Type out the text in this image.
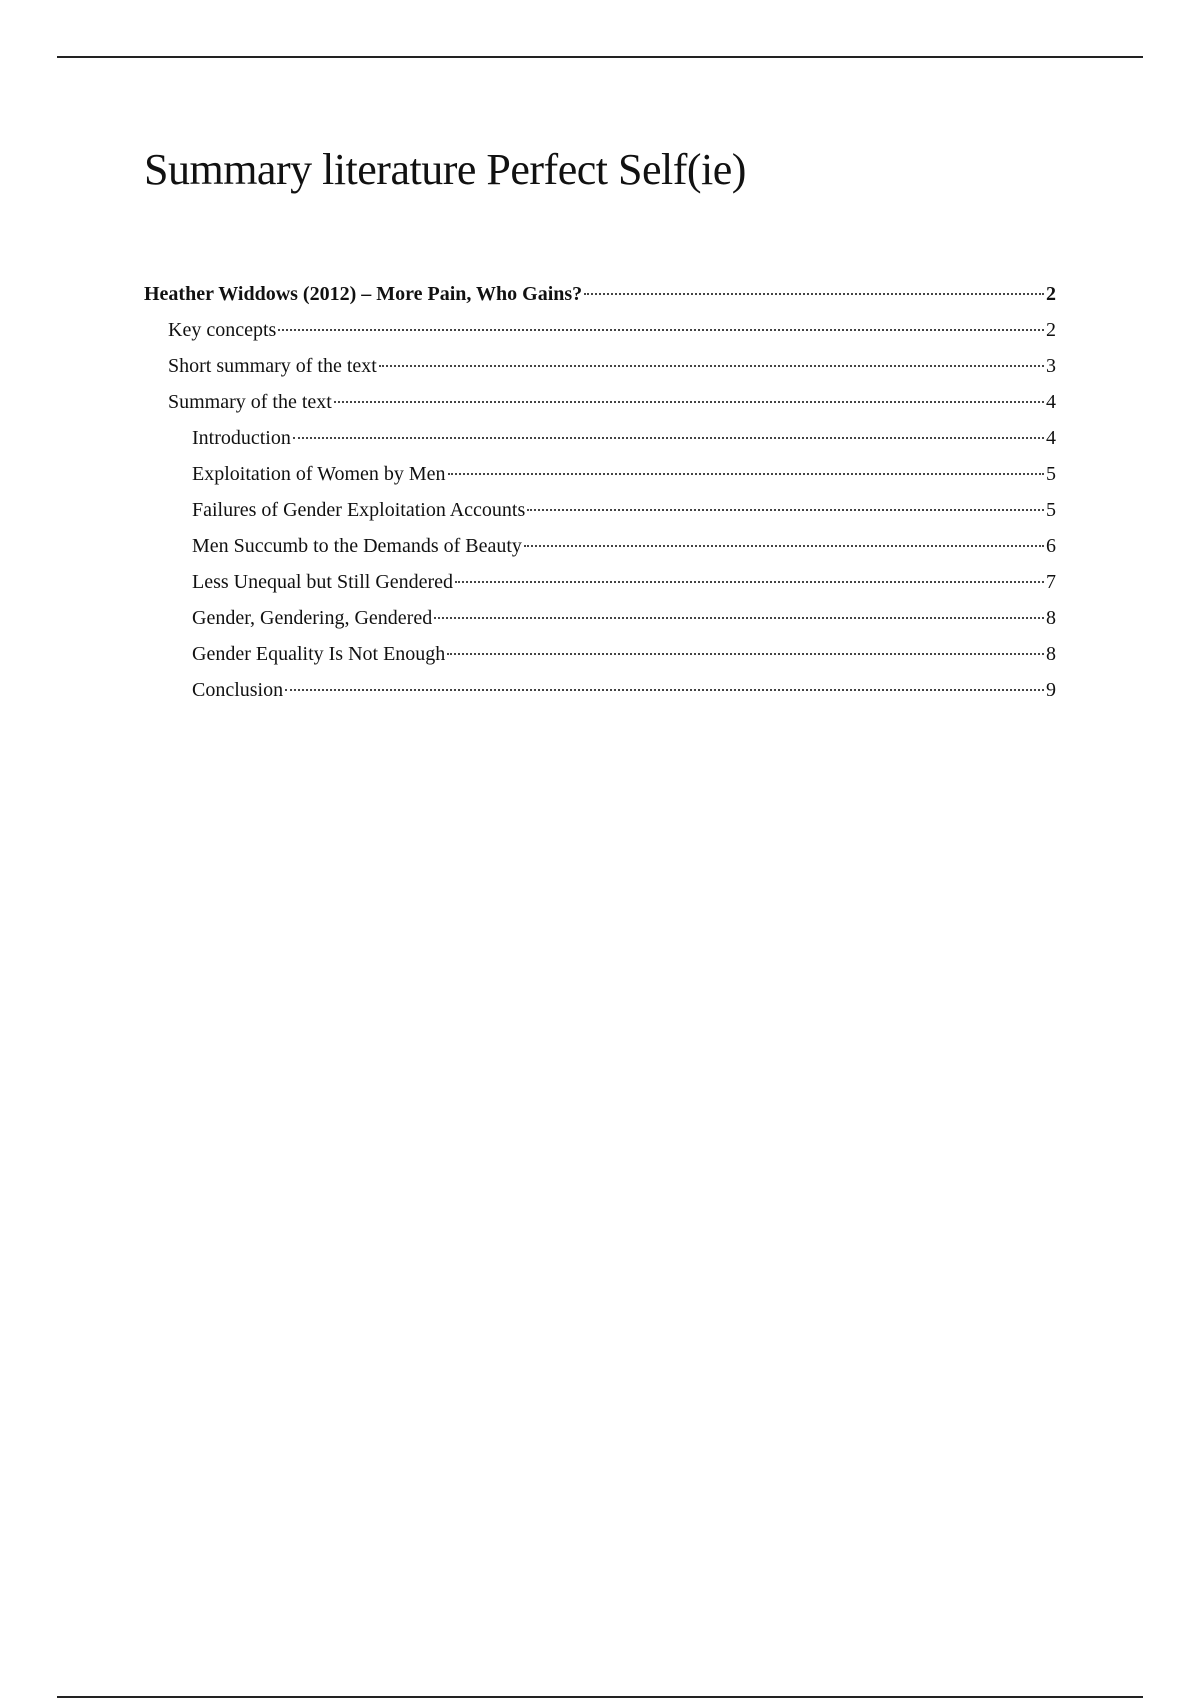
Summary literature Perfect Self(ie)
Heather Widdows (2012) – More Pain, Who Gains?	2
Key concepts	2
Short summary of the text	3
Summary of the text	4
Introduction	4
Exploitation of Women by Men	5
Failures of Gender Exploitation Accounts	5
Men Succumb to the Demands of Beauty	6
Less Unequal but Still Gendered	7
Gender, Gendering, Gendered	8
Gender Equality Is Not Enough	8
Conclusion	9
